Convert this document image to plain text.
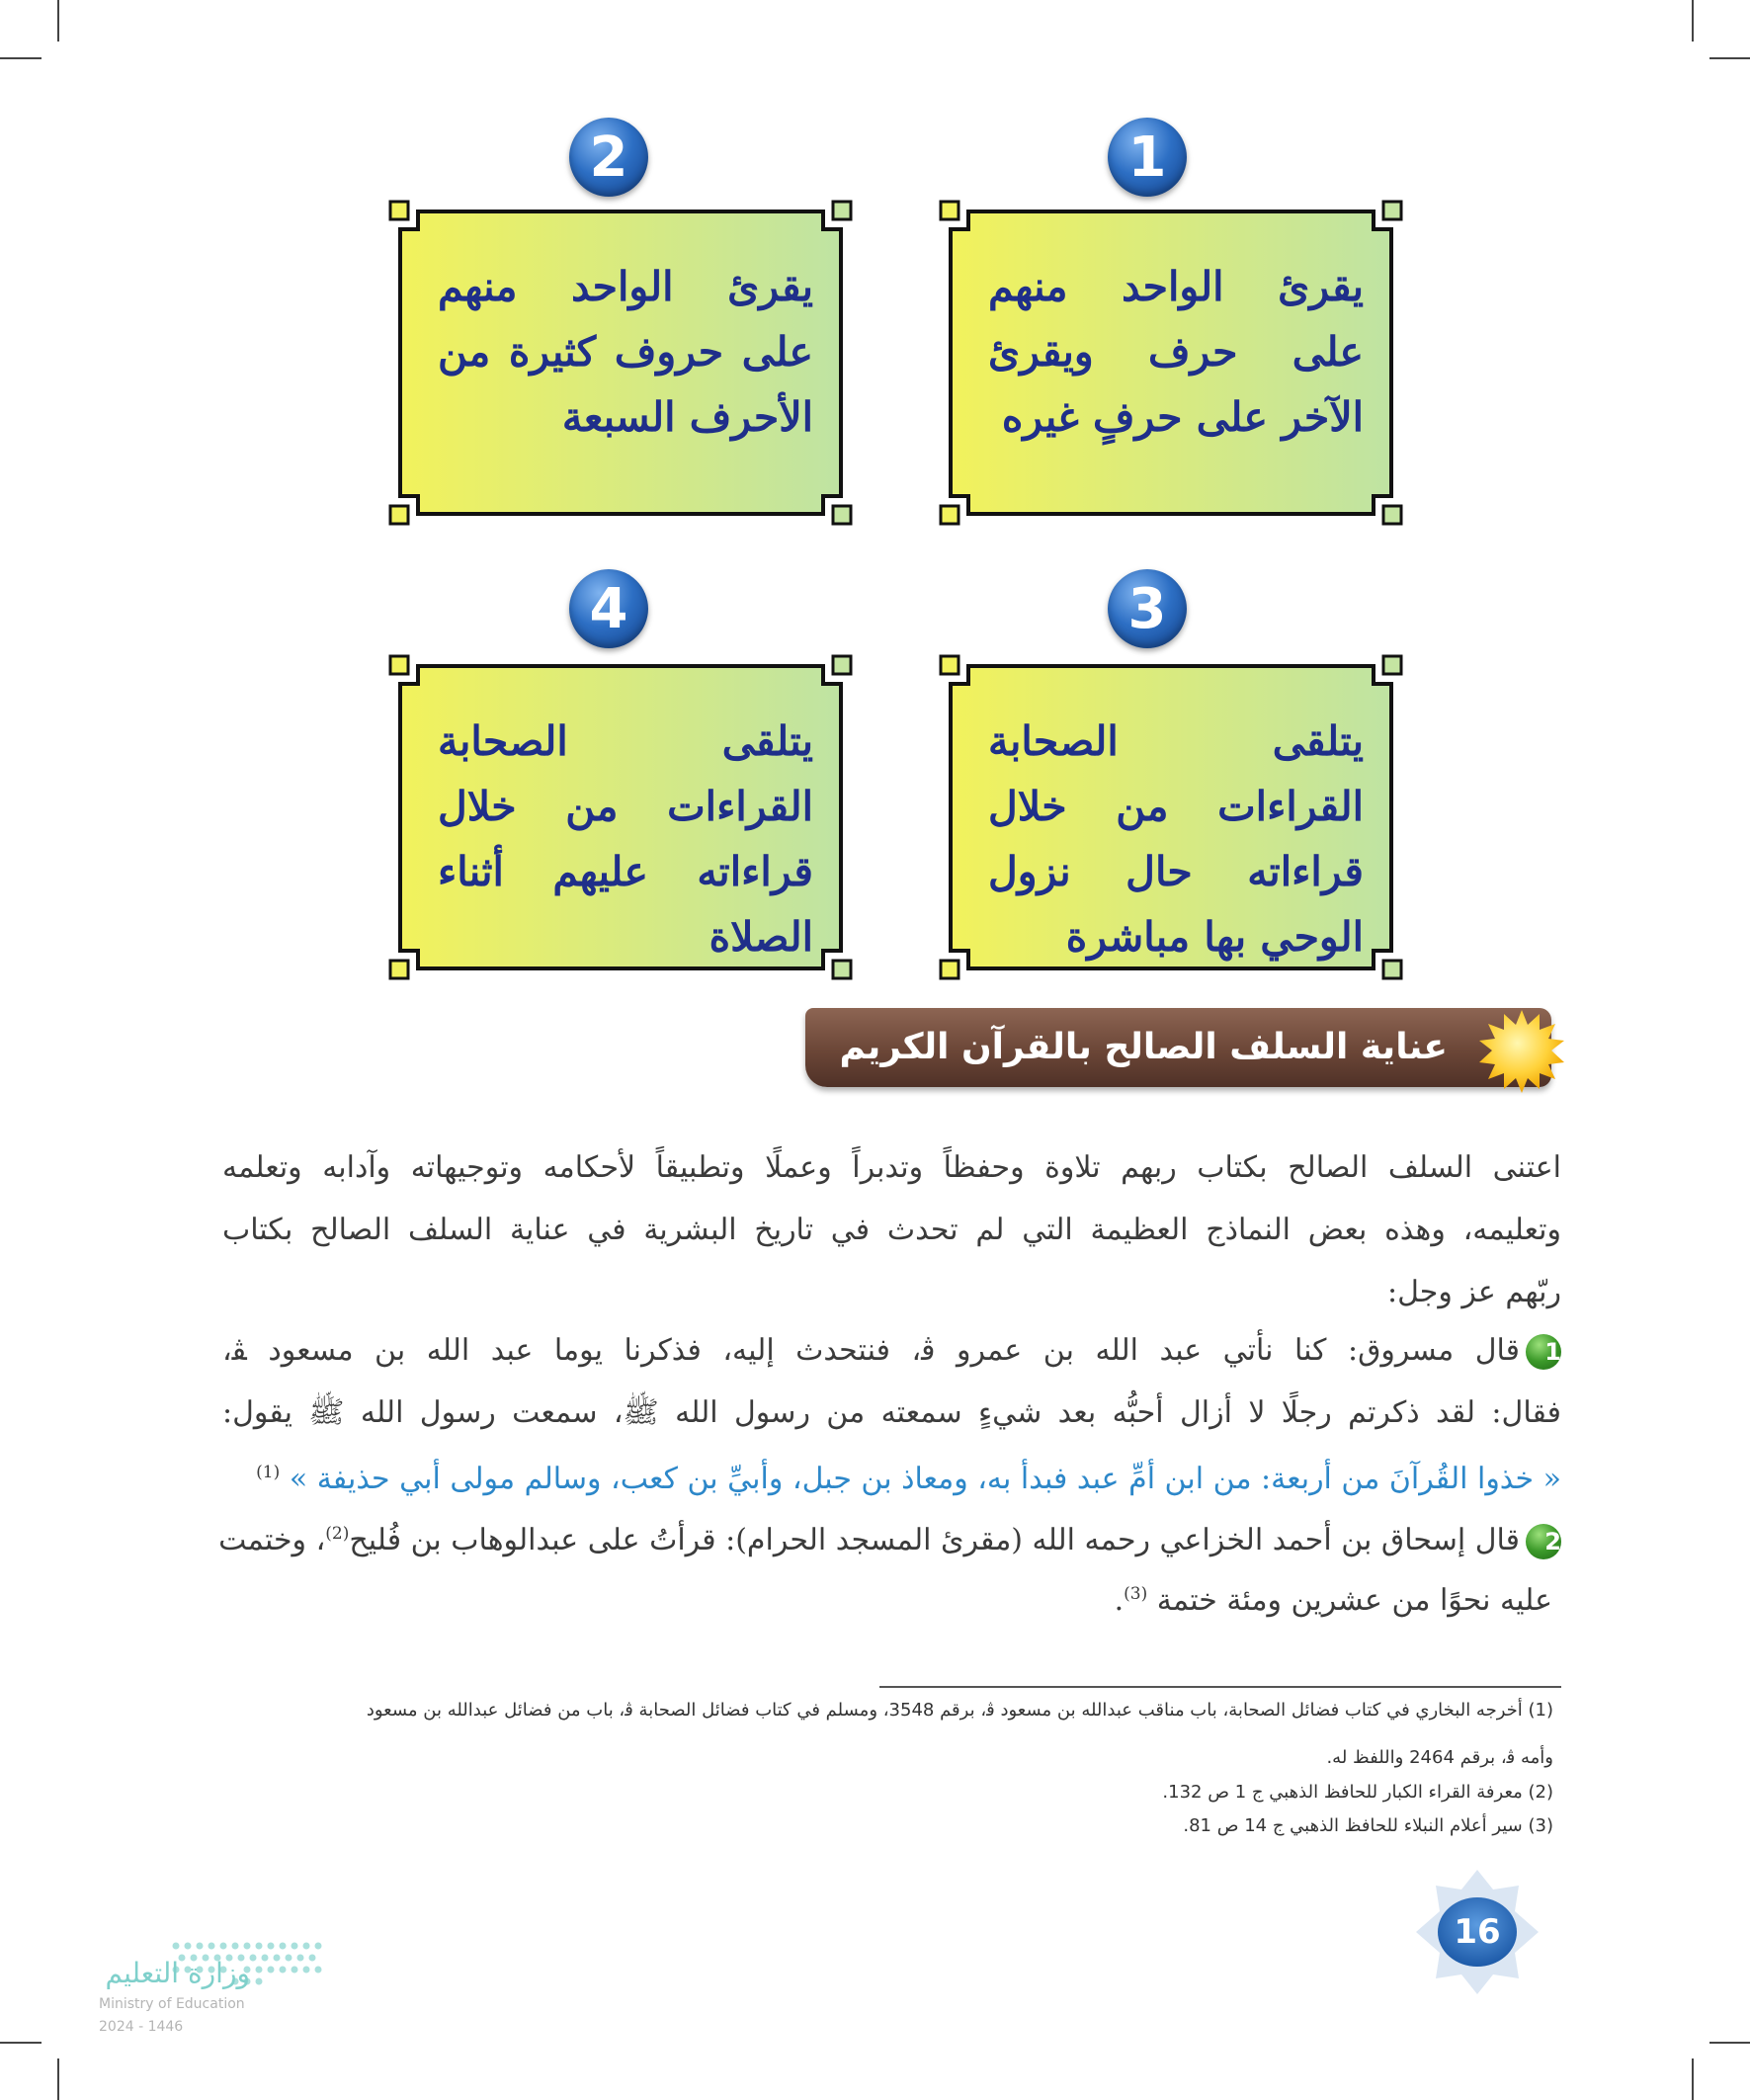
1
يقرئ الواحد منهم على حرف ويقرئ الآخر على حرفٍ غيره
2
يقرئ الواحد منهم على حروف كثيرة من الأحرف السبعة
3
يتلقى الصحابة القراءات من خلال قراءاته حال نزول الوحي بها مباشرة
4
يتلقى الصحابة القراءات من خلال قراءاته عليهم أثناء الصلاة
عناية السلف الصالح بالقرآن الكريم
اعتنى السلف الصالح بكتاب ربهم تلاوة وحفظاً وتدبراً وعملًا وتطبيقاً لأحكامه وتوجيهاته وآدابه وتعلمه
وتعليمه، وهذه بعض النماذج العظيمة التي لم تحدث في تاريخ البشرية في عناية السلف الصالح بكتاب
ربّهم عز وجل:
1قال مسروق: كنا نأتي عبد الله بن عمرو ﭬ، فنتحدث إليه، فذكرنا يوما عبد الله بن مسعود ﭭ،
فقال: لقد ذكرتم رجلًا لا أزال أحبُّه بعد شيءٍ سمعته من رسول الله ﷺ، سمعت رسول الله ﷺ يقول:
« خذوا القُرآنَ من أربعة: من ابن أمِّ عبد فبدأ به، ومعاذ بن جبل، وأبيِّ بن كعب، وسالم مولى أبي حذيفة » $^{(1)}$
2قال إسحاق بن أحمد الخزاعي رحمه الله (مقرئ المسجد الحرام): قرأتُ على عبدالوهاب بن فُليح$^{(2)}$، وختمت
عليه نحوًا من عشرين ومئة ختمة $^{(3)}$.
(1) أخرجه البخاري في كتاب فضائل الصحابة، باب مناقب عبدالله بن مسعود ﭬ، برقم 3548، ومسلم في كتاب فضائل الصحابة ﭬ، باب من فضائل عبدالله بن مسعود
وأمه ﭬ، برقم 2464 واللفظ له.
(2) معرفة القراء الكبار للحافظ الذهبي ج 1 ص 132.
(3) سير أعلام النبلاء للحافظ الذهبي ج 14 ص 81.
16
وزارة التعليم
Ministry of Education
2024 - 1446
